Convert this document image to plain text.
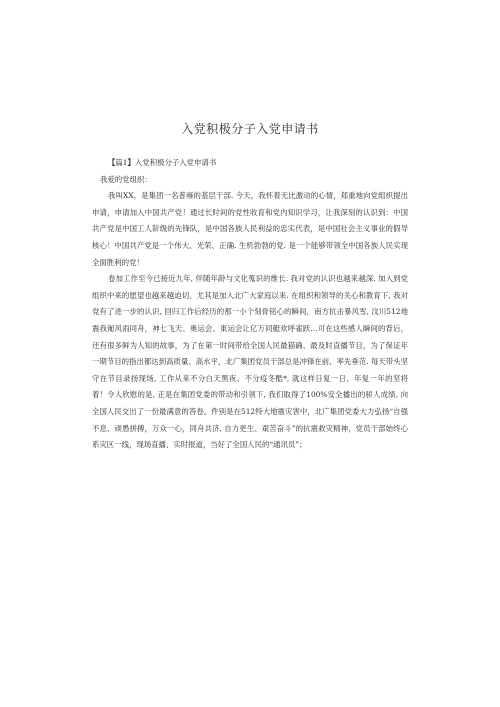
入党积极分子入党申请书

【篇1】入党积极分子入党申请书

我爱的党组织：

我叫XX，是集团一名普雍的基层干部. 今天，我怀着无比激动的心情，郑重地向党组织提出申请，申请加入中国共产党！通过长时间的党性收育和党内知识学习，让我深刻的认识到：中国共产党是中国工人阶级的先锋队，是中国各族人民利益的忠实代表，是中国社会主义事业的假导核心！中国共产党是一个伟大、光荣、正确. 生机勃勃的党. 是一个能够带领全中国各族人民实现全面胜利的党！

卷加工作至今已接近九年, 伴随年龄与文化蒐识的维长. 我对党的认识也越来越深. 加入到党组织中来的愿望也越来越迫切。尤其是加入北广大家庭以来. 在组织和领导的关心和教育下, 我对党有了进一步的认识, 回归工作后经历的那一小个刻骨铭心的瞬间，南方抗击暴风雪, 汶川512地震我匍风雨同舟，神七飞天、奥运会、東运会让亿万同艇欢呼雀跃…可在这些感人瞬间的背后，还有很多鲜为人知的故事，为了在第一时间带给全国人民最猫确、最及时直播节目，为了保证年一期节目的指出都达到高质量、高水平，北广集团党员干部总是冲锋在前、率先垂范. 每天带头坚守在节目录扬现场, 工作从来不分白天黑夜、不分疫冬酷*, 就这样日复一日、年复一年的坚将着！令人欣慰的是, 正是在集团党委的带动和引领下, 我们取得了100%安全播出的骄人成绩, 向全国人民交出了一份最满意的答卷。件别是在512特大地震灾害中，北广集团党委大力弘扬“自强不息、顽愚拼搏，万众一心，同舟共济, 自力更生、艰苦奋斗”的抗震救灾精神，党员干部始终心系灾区一线，现场直播、实时报道，当好了全国人民的“通讯员”；
